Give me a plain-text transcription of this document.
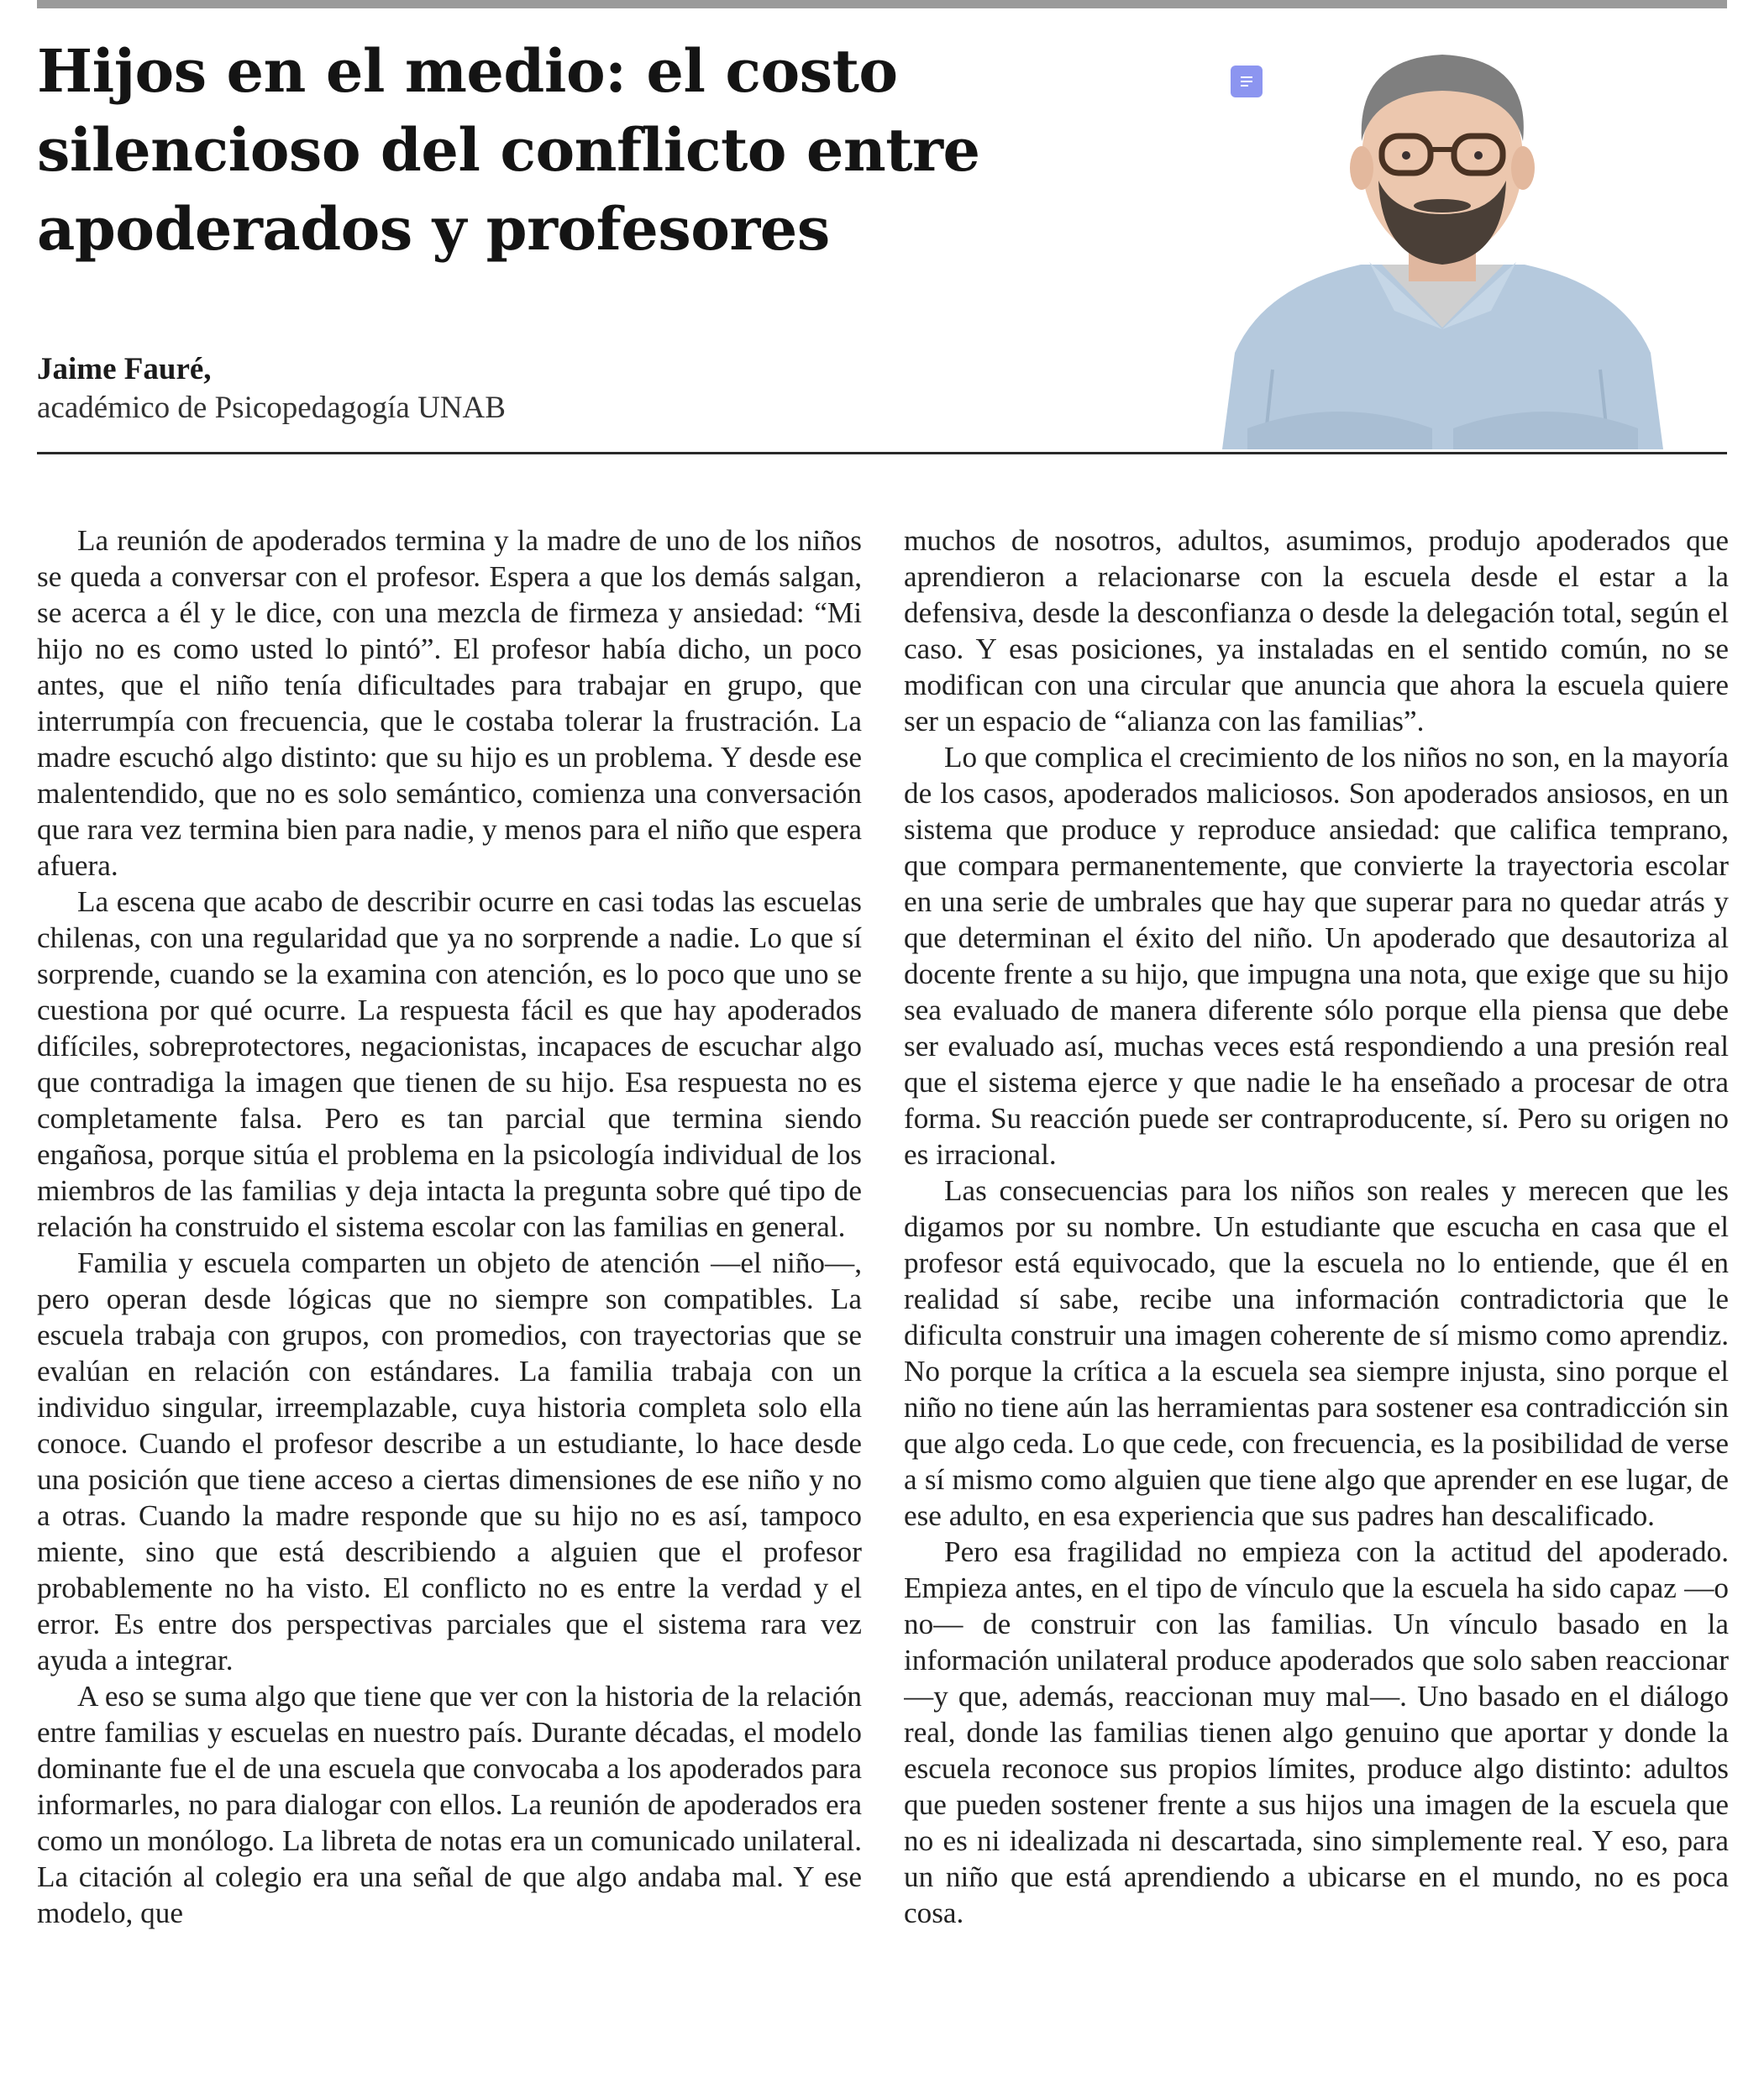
Hijos en el medio: el costo silencioso del conflicto entre apoderados y profesores

Jaime Fauré,

académico de Psicopedagogía UNAB

La reunión de apoderados termina y la madre de uno de los niños se queda a conversar con el profesor. Espera a que los demás salgan, se acerca a él y le dice, con una mezcla de firmeza y ansiedad: “Mi hijo no es como usted lo pintó”. El profesor había dicho, un poco antes, que el niño tenía dificultades para trabajar en grupo, que interrumpía con frecuencia, que le costaba tolerar la frustración. La madre escuchó algo distinto: que su hijo es un problema. Y desde ese malentendido, que no es solo semántico, comienza una conversación que rara vez termina bien para nadie, y menos para el niño que espera afuera.

La escena que acabo de describir ocurre en casi todas las escuelas chilenas, con una regularidad que ya no sorprende a nadie. Lo que sí sorprende, cuando se la examina con atención, es lo poco que uno se cuestiona por qué ocurre. La respuesta fácil es que hay apoderados difíciles, sobreprotectores, negacionistas, incapaces de escuchar algo que contradiga la imagen que tienen de su hijo. Esa respuesta no es completamente falsa. Pero es tan parcial que termina siendo engañosa, porque sitúa el problema en la psicología individual de los miembros de las familias y deja intacta la pregunta sobre qué tipo de relación ha construido el sistema escolar con las familias en general.

Familia y escuela comparten un objeto de atención —el niño—, pero operan desde lógicas que no siempre son compatibles. La escuela trabaja con grupos, con promedios, con trayectorias que se evalúan en relación con estándares. La familia trabaja con un individuo singular, irreemplazable, cuya historia completa solo ella conoce. Cuando el profesor describe a un estudiante, lo hace desde una posición que tiene acceso a ciertas dimensiones de ese niño y no a otras. Cuando la madre responde que su hijo no es así, tampoco miente, sino que está describiendo a alguien que el profesor probablemente no ha visto. El conflicto no es entre la verdad y el error. Es entre dos perspectivas parciales que el sistema rara vez ayuda a integrar.

A eso se suma algo que tiene que ver con la historia de la relación entre familias y escuelas en nuestro país. Durante décadas, el modelo dominante fue el de una escuela que convocaba a los apoderados para informarles, no para dialogar con ellos. La reunión de apoderados era como un monólogo. La libreta de notas era un comunicado unilateral. La citación al colegio era una señal de que algo andaba mal. Y ese modelo, que

muchos de nosotros, adultos, asumimos, produjo apoderados que aprendieron a relacionarse con la escuela desde el estar a la defensiva, desde la desconfianza o desde la delegación total, según el caso. Y esas posiciones, ya instaladas en el sentido común, no se modifican con una circular que anuncia que ahora la escuela quiere ser un espacio de “alianza con las familias”.

Lo que complica el crecimiento de los niños no son, en la mayoría de los casos, apoderados maliciosos. Son apoderados ansiosos, en un sistema que produce y reproduce ansiedad: que califica temprano, que compara permanentemente, que convierte la trayectoria escolar en una serie de umbrales que hay que superar para no quedar atrás y que determinan el éxito del niño. Un apoderado que desautoriza al docente frente a su hijo, que impugna una nota, que exige que su hijo sea evaluado de manera diferente sólo porque ella piensa que debe ser evaluado así, muchas veces está respondiendo a una presión real que el sistema ejerce y que nadie le ha enseñado a procesar de otra forma. Su reacción puede ser contraproducente, sí. Pero su origen no es irracional.

Las consecuencias para los niños son reales y merecen que les digamos por su nombre. Un estudiante que escucha en casa que el profesor está equivocado, que la escuela no lo entiende, que él en realidad sí sabe, recibe una información contradictoria que le dificulta construir una imagen coherente de sí mismo como aprendiz. No porque la crítica a la escuela sea siempre injusta, sino porque el niño no tiene aún las herramientas para sostener esa contradicción sin que algo ceda. Lo que cede, con frecuencia, es la posibilidad de verse a sí mismo como alguien que tiene algo que aprender en ese lugar, de ese adulto, en esa experiencia que sus padres han descalificado.

Pero esa fragilidad no empieza con la actitud del apoderado. Empieza antes, en el tipo de vínculo que la escuela ha sido capaz —o no— de construir con las familias. Un vínculo basado en la información unilateral produce apoderados que solo saben reaccionar —y que, además, reaccionan muy mal—. Uno basado en el diálogo real, donde las familias tienen algo genuino que aportar y donde la escuela reconoce sus propios límites, produce algo distinto: adultos que pueden sostener frente a sus hijos una imagen de la escuela que no es ni idealizada ni descartada, sino simplemente real. Y eso, para un niño que está aprendiendo a ubicarse en el mundo, no es poca cosa.
